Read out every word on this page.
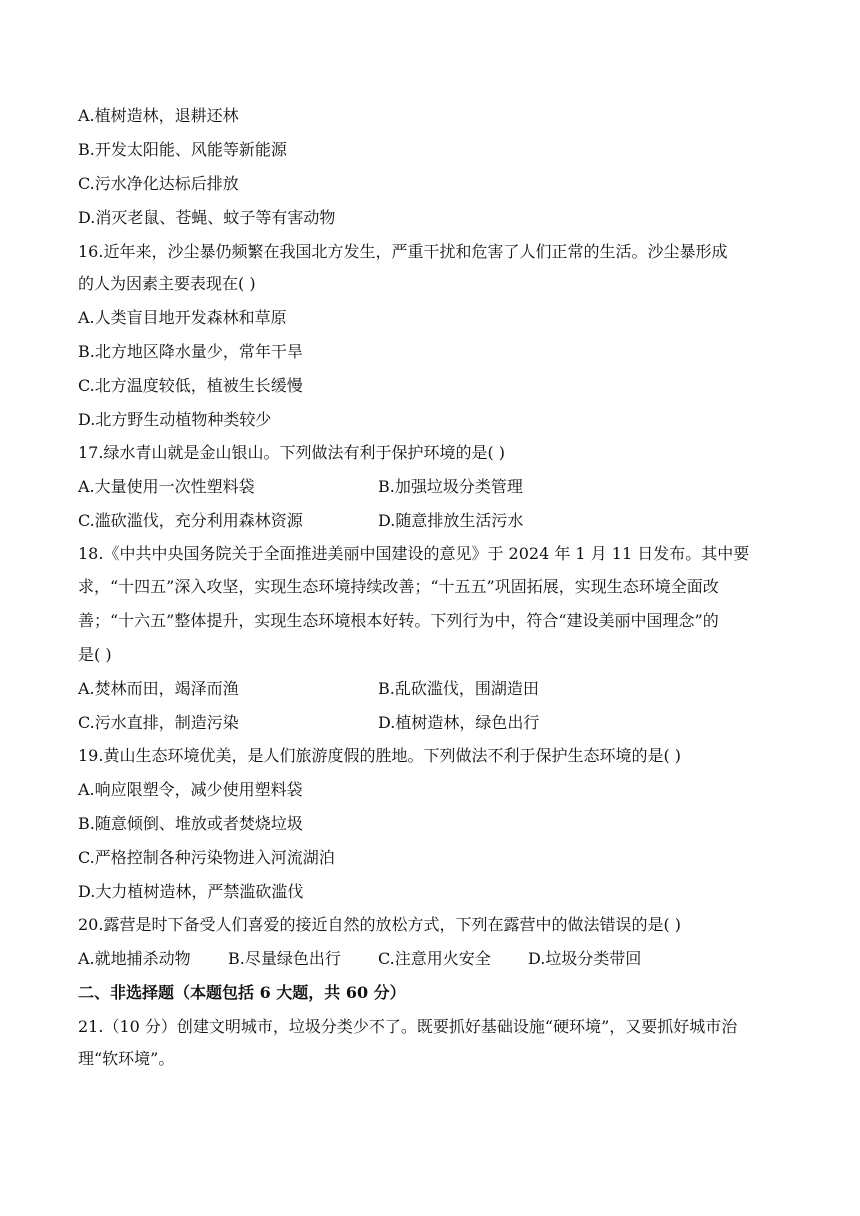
A.植树造林，退耕还林
B.开发太阳能、风能等新能源
C.污水净化达标后排放
D.消灭老鼠、苍蝇、蚊子等有害动物
16.近年来，沙尘暴仍频繁在我国北方发生，严重干扰和危害了人们正常的生活。沙尘暴形成
的人为因素主要表现在( )
A.人类盲目地开发森林和草原
B.北方地区降水量少，常年干旱
C.北方温度较低，植被生长缓慢
D.北方野生动植物种类较少
17.绿水青山就是金山银山。下列做法有利于保护环境的是( )
A.大量使用一次性塑料袋	B.加强垃圾分类管理
C.滥砍滥伐，充分利用森林资源	D.随意排放生活污水
18.《中共中央国务院关于全面推进美丽中国建设的意见》于 2024 年 1 月 11 日发布。其中要
求，“十四五”深入攻坚，实现生态环境持续改善；“十五五”巩固拓展，实现生态环境全面改
善；“十六五”整体提升，实现生态环境根本好转。下列行为中，符合“建设美丽中国理念”的
是( )
A.焚林而田，竭泽而渔	B.乱砍滥伐，围湖造田
C.污水直排，制造污染	D.植树造林，绿色出行
19.黄山生态环境优美，是人们旅游度假的胜地。下列做法不利于保护生态环境的是( )
A.响应限塑令，减少使用塑料袋
B.随意倾倒、堆放或者焚烧垃圾
C.严格控制各种污染物进入河流湖泊
D.大力植树造林，严禁滥砍滥伐
20.露营是时下备受人们喜爱的接近自然的放松方式，下列在露营中的做法错误的是( )
A.就地捕杀动物 B.尽量绿色出行 C.注意用火安全 D.垃圾分类带回
二、非选择题（本题包括 6 大题，共 60 分）
21.（10 分）创建文明城市，垃圾分类少不了。既要抓好基础设施“硬环境”，又要抓好城市治
理“软环境”。
